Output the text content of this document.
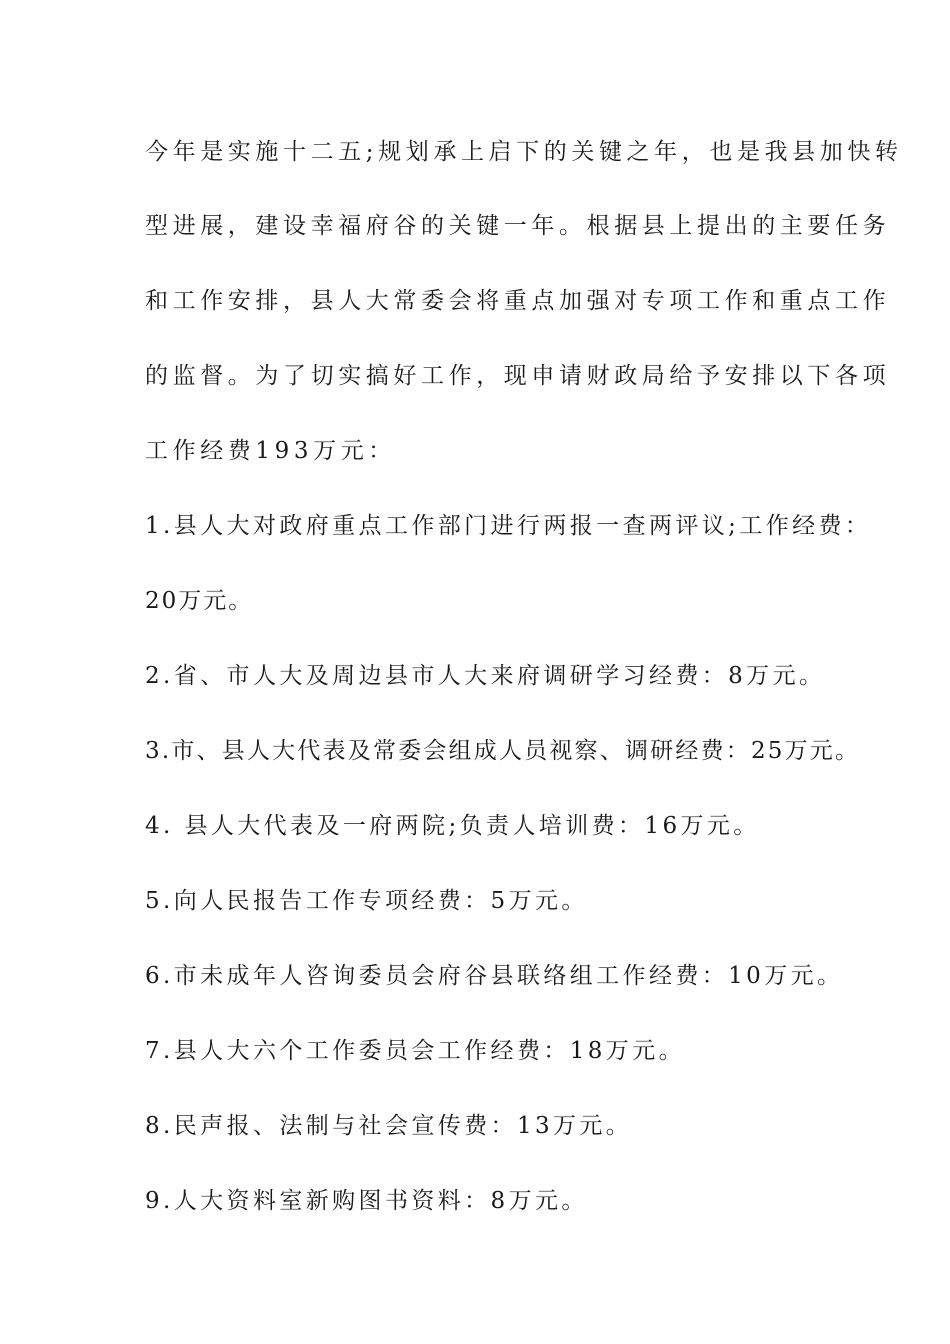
今年是实施十二五;规划承上启下的关键之年，也是我县加快转
型进展，建设幸福府谷的关键一年。根据县上提出的主要任务
和工作安排，县人大常委会将重点加强对专项工作和重点工作
的监督。为了切实搞好工作，现申请财政局给予安排以下各项
工作经费193万元：
1.县人大对政府重点工作部门进行两报一查两评议;工作经费：
20万元。
2.省、市人大及周边县市人大来府调研学习经费：8万元。
3.市、县人大代表及常委会组成人员视察、调研经费：25万元。
4. 县人大代表及一府两院;负责人培训费：16万元。
5.向人民报告工作专项经费：5万元。
6.市未成年人咨询委员会府谷县联络组工作经费：10万元。
7.县人大六个工作委员会工作经费：18万元。
8.民声报、法制与社会宣传费：13万元。
9.人大资料室新购图书资料：8万元。
